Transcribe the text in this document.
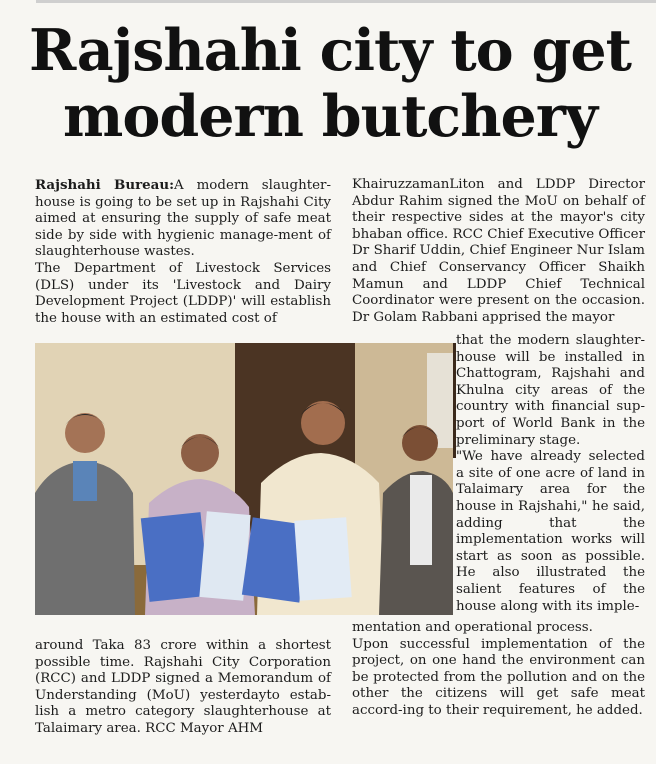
Rajshahi city to get
modern butchery

Rajshahi Bureau:A modern slaughter-house is going to be set up in Rajshahi City aimed at ensuring the supply of safe meat side by side with hygienic manage-ment of slaughterhouse wastes.

The Department of Livestock Services (DLS) under its 'Livestock and Dairy Development Project (LDDP)' will establish the house with an estimated cost of

KhairuzzamanLiton and LDDP Director Abdur Rahim signed the MoU on behalf of their respective sides at the mayor's city bhaban office. RCC Chief Executive Officer Dr Sharif Uddin, Chief Engineer Nur Islam and Chief Conservancy Officer Shaikh Mamun and LDDP Chief Technical Coordinator were present on the occasion. Dr Golam Rabbani apprised the mayor

that the modern slaughter-house will be installed in Chattogram, Rajshahi and Khulna city areas of the country with financial sup-port of World Bank in the preliminary stage.

"We have already selected a site of one acre of land in Talaimary area for the house in Rajshahi," he said, adding that the implementation works will start as soon as possible. He also illustrated the salient features of the house along with its imple-

around Taka 83 crore within a shortest possible time. Rajshahi City Corporation (RCC) and LDDP signed a Memorandum of Understanding (MoU) yesterdayto estab-lish a metro category slaughterhouse at Talaimary area. RCC Mayor AHM

mentation and operational process.

Upon successful implementation of the project, on one hand the environment can be protected from the pollution and on the other the citizens will get safe meat accord-ing to their requirement, he added.
